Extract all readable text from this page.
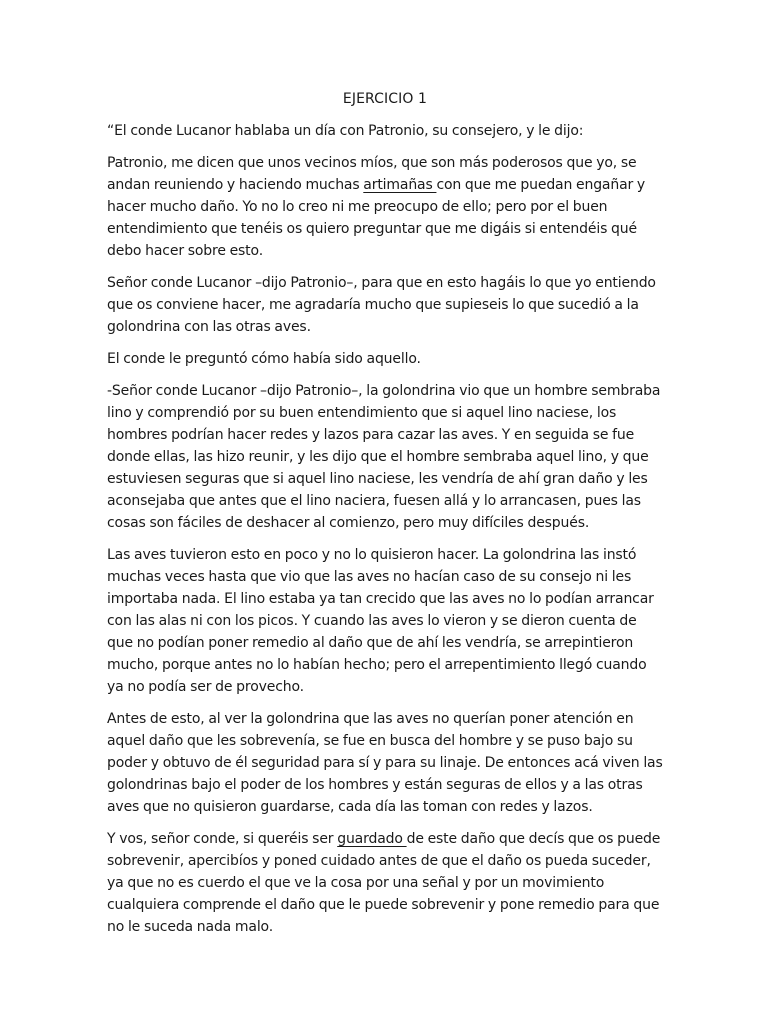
EJERCICIO 1

“El conde Lucanor hablaba un día con Patronio, su consejero, y le dijo:

Patronio, me dicen que unos vecinos míos, que son más poderosos que yo, se andan reuniendo y haciendo muchas artimañas con que me puedan engañar y hacer mucho daño. Yo no lo creo ni me preocupo de ello; pero por el buen entendimiento que tenéis os quiero preguntar que me digáis si entendéis qué debo hacer sobre esto.

Señor conde Lucanor –dijo Patronio–, para que en esto hagáis lo que yo entiendo que os conviene hacer, me agradaría mucho que supieseis lo que sucedió a la golondrina con las otras aves.

El conde le preguntó cómo había sido aquello.

-Señor conde Lucanor –dijo Patronio–, la golondrina vio que un hombre sembraba lino y comprendió por su buen entendimiento que si aquel lino naciese, los hombres podrían hacer redes y lazos para cazar las aves. Y en seguida se fue donde ellas, las hizo reunir, y les dijo que el hombre sembraba aquel lino, y que estuviesen seguras que si aquel lino naciese, les vendría de ahí gran daño y les aconsejaba que antes que el lino naciera, fuesen allá y lo arrancasen, pues las cosas son fáciles de deshacer al comienzo, pero muy difíciles después.

Las aves tuvieron esto en poco y no lo quisieron hacer. La golondrina las instó muchas veces hasta que vio que las aves no hacían caso de su consejo ni les importaba nada. El lino estaba ya tan crecido que las aves no lo podían arrancar con las alas ni con los picos. Y cuando las aves lo vieron y se dieron cuenta de que no podían poner remedio al daño que de ahí les vendría, se arrepintieron mucho, porque antes no lo habían hecho; pero el arrepentimiento llegó cuando ya no podía ser de provecho.

Antes de esto, al ver la golondrina que las aves no querían poner atención en aquel daño que les sobrevenía, se fue en busca del hombre y se puso bajo su poder y obtuvo de él seguridad para sí y para su linaje. De entonces acá viven las golondrinas bajo el poder de los hombres y están seguras de ellos y a las otras aves que no quisieron guardarse, cada día las toman con redes y lazos.

Y vos, señor conde, si queréis ser guardado de este daño que decís que os puede sobrevenir, apercibíos y poned cuidado antes de que el daño os pueda suceder, ya que no es cuerdo el que ve la cosa por una señal y por un movimiento cualquiera comprende el daño que le puede sobrevenir y pone remedio para que no le suceda nada malo.
